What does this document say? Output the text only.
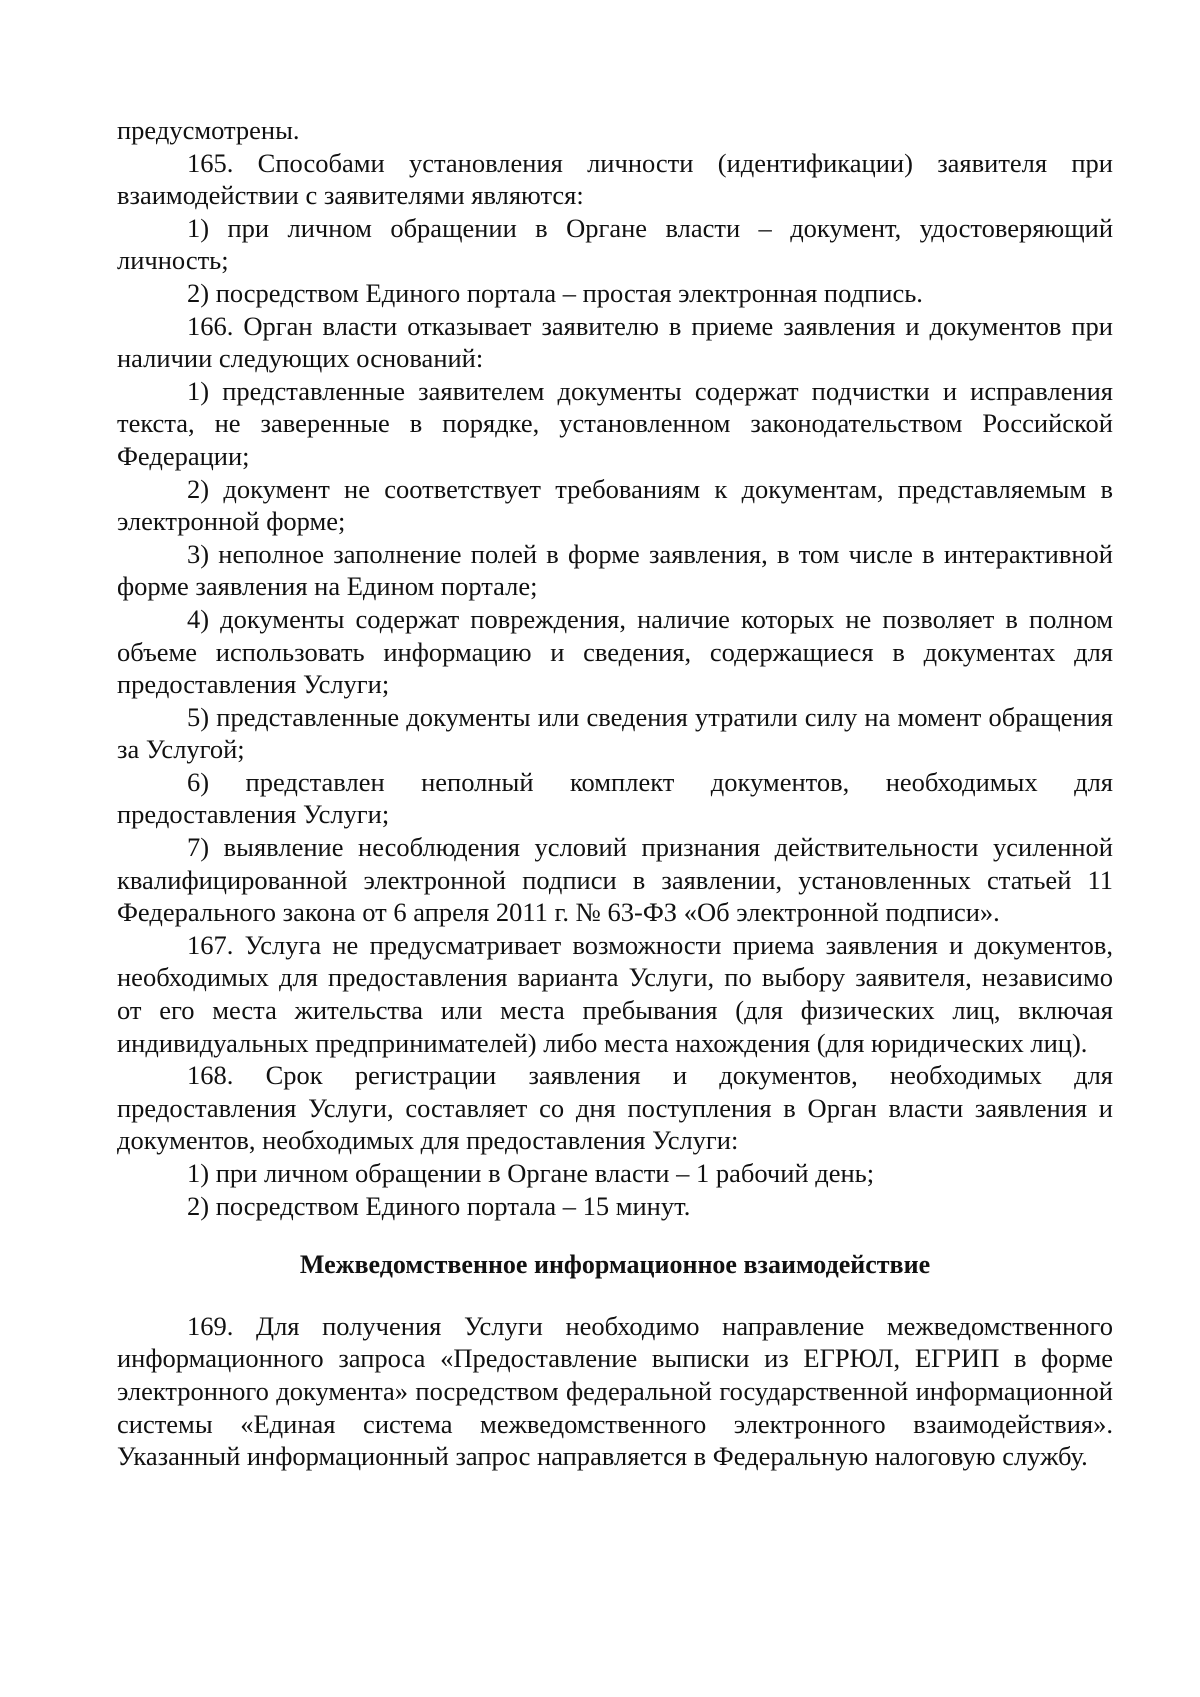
предусмотрены.

165. Способами установления личности (идентификации) заявителя при взаимодействии с заявителями являются:

1) при личном обращении в Органе власти – документ, удостоверяющий личность;

2) посредством Единого портала – простая электронная подпись.

166. Орган власти отказывает заявителю в приеме заявления и документов при наличии следующих оснований:

1) представленные заявителем документы содержат подчистки и исправления текста, не заверенные в порядке, установленном законодательством Российской Федерации;

2) документ не соответствует требованиям к документам, представляемым в электронной форме;

3) неполное заполнение полей в форме заявления, в том числе в интерактивной форме заявления на Едином портале;

4) документы содержат повреждения, наличие которых не позволяет в полном объеме использовать информацию и сведения, содержащиеся в документах для предоставления Услуги;

5) представленные документы или сведения утратили силу на момент обращения за Услугой;

6) представлен неполный комплект документов, необходимых для предоставления Услуги;

7) выявление несоблюдения условий признания действительности усиленной квалифицированной электронной подписи в заявлении, установленных статьей 11 Федерального закона от 6 апреля 2011 г. № 63-ФЗ «Об электронной подписи».

167. Услуга не предусматривает возможности приема заявления и документов, необходимых для предоставления варианта Услуги, по выбору заявителя, независимо от его места жительства или места пребывания (для физических лиц, включая индивидуальных предпринимателей) либо места нахождения (для юридических лиц).

168. Срок регистрации заявления и документов, необходимых для предоставления Услуги, составляет со дня поступления в Орган власти заявления и документов, необходимых для предоставления Услуги:

1) при личном обращении в Органе власти – 1 рабочий день;

2) посредством Единого портала – 15 минут.

Межведомственное информационное взаимодействие

169. Для получения Услуги необходимо направление межведомственного информационного запроса «Предоставление выписки из ЕГРЮЛ, ЕГРИП в форме электронного документа» посредством федеральной государственной информационной системы «Единая система межведомственного электронного взаимодействия». Указанный информационный запрос направляется в Федеральную налоговую службу.
